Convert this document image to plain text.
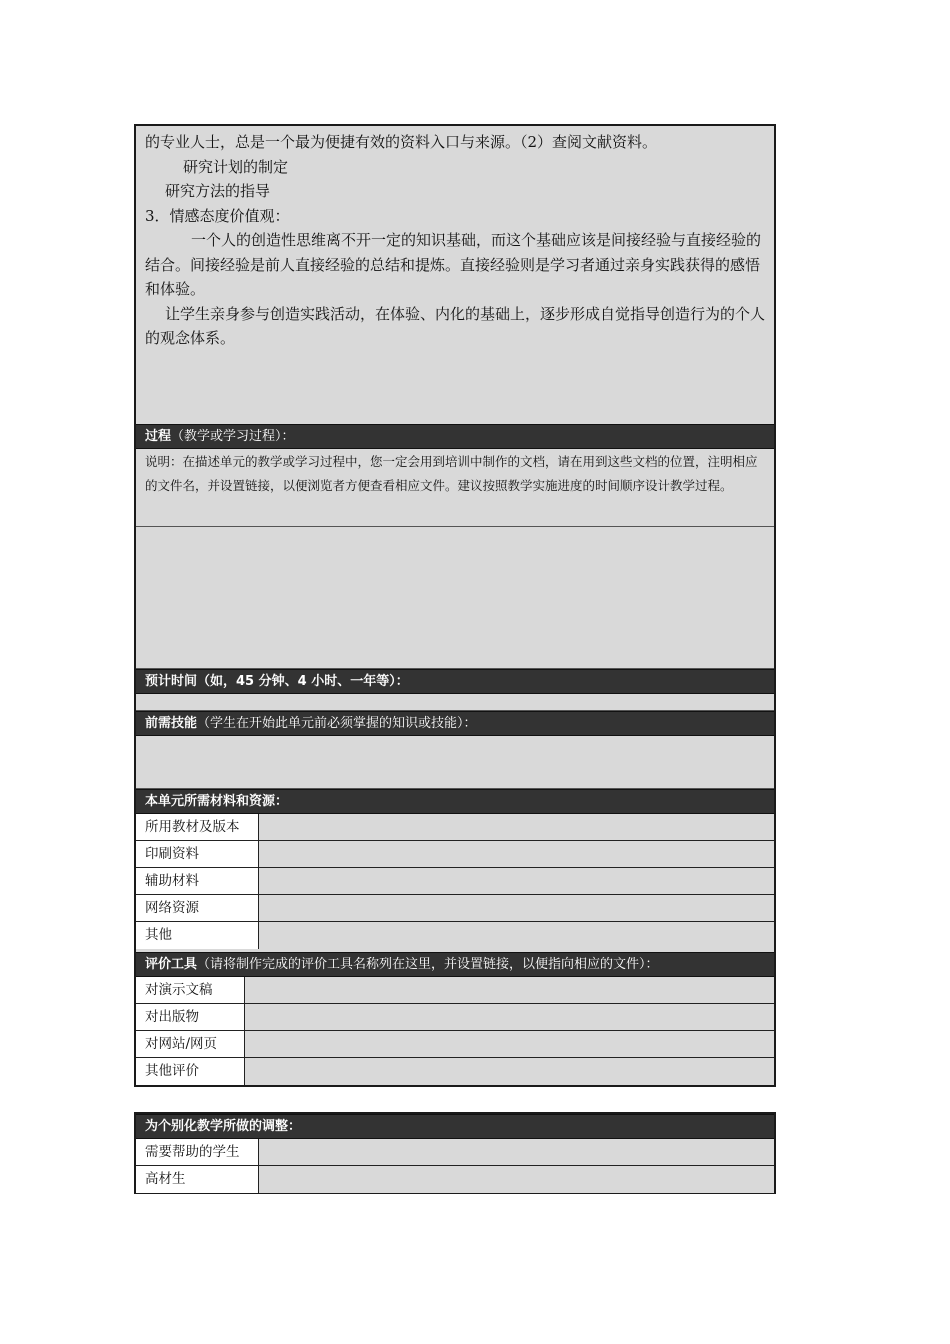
的专业人士，总是一个最为便捷有效的资料入口与来源。（2）查阅文献资料。

研究计划的制定

研究方法的指导

3．情感态度价值观：

一个人的创造性思维离不开一定的知识基础，而这个基础应该是间接经验与直接经验的结合。间接经验是前人直接经验的总结和提炼。直接经验则是学习者通过亲身实践获得的感悟和体验。

让学生亲身参与创造实践活动，在体验、内化的基础上，逐步形成自觉指导创造行为的个人的观念体系。

过程（教学或学习过程）：
说明：在描述单元的教学或学习过程中，您一定会用到培训中制作的文档，请在用到这些文档的位置，注明相应的文件名，并设置链接，以便浏览者方便查看相应文件。建议按照教学实施进度的时间顺序设计教学过程。
预计时间（如，45 分钟、4 小时、一年等）：
前需技能（学生在开始此单元前必须掌握的知识或技能）：
本单元所需材料和资源：
所用教材及版本
印刷资料
辅助材料
网络资源
其他
评价工具（请将制作完成的评价工具名称列在这里，并设置链接，以便指向相应的文件）：
对演示文稿
对出版物
对网站/网页
其他评价
为个别化教学所做的调整：
需要帮助的学生
高材生
